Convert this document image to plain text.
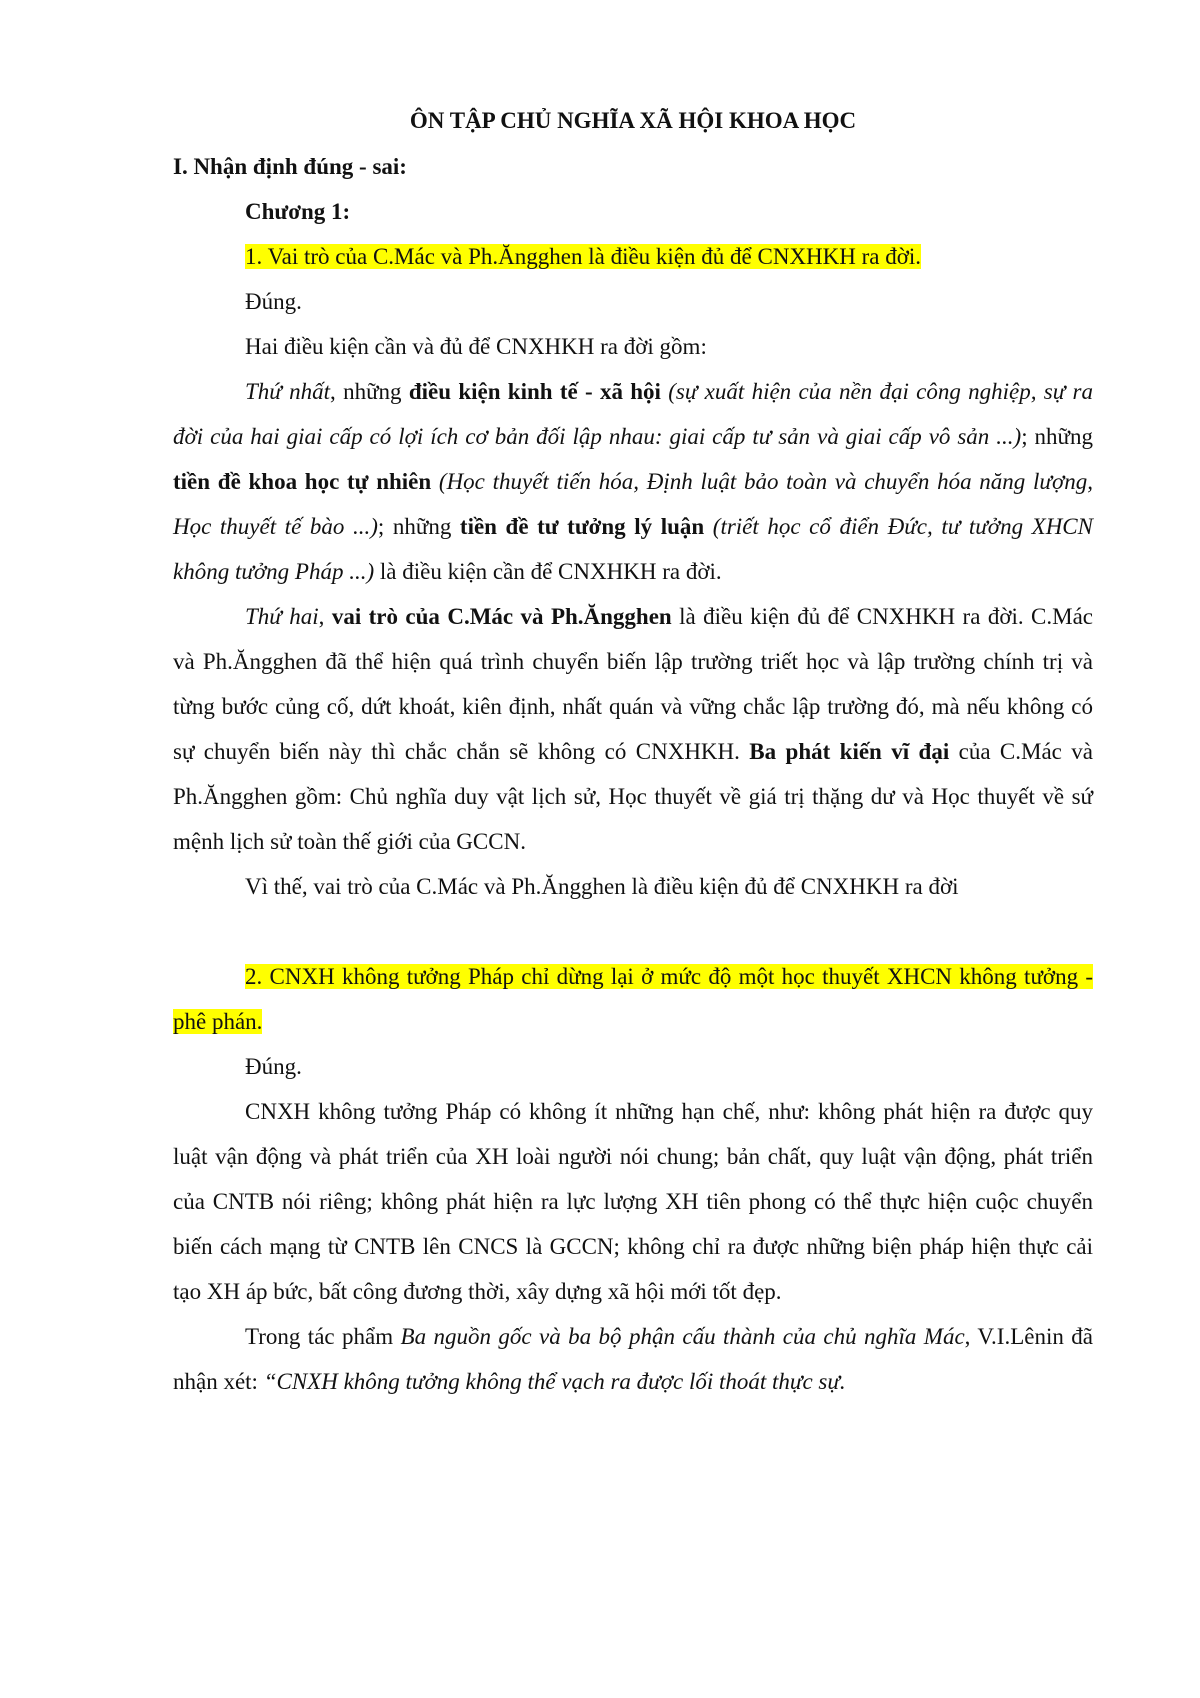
ÔN TẬP CHỦ NGHĨA XÃ HỘI KHOA HỌC

I. Nhận định đúng - sai:

Chương 1:

1. Vai trò của C.Mác và Ph.Ăngghen là điều kiện đủ để CNXHKH ra đời.

Đúng.

Hai điều kiện cần và đủ để CNXHKH ra đời gồm:

Thứ nhất, những điều kiện kinh tế - xã hội (sự xuất hiện của nền đại công nghiệp, sự ra đời của hai giai cấp có lợi ích cơ bản đối lập nhau: giai cấp tư sản và giai cấp vô sản ...); những tiền đề khoa học tự nhiên (Học thuyết tiến hóa, Định luật bảo toàn và chuyển hóa năng lượng, Học thuyết tế bào ...); những tiền đề tư tưởng lý luận (triết học cổ điển Đức, tư tưởng XHCN không tưởng Pháp ...) là điều kiện cần để CNXHKH ra đời.

Thứ hai, vai trò của C.Mác và Ph.Ăngghen là điều kiện đủ để CNXHKH ra đời. C.Mác và Ph.Ăngghen đã thể hiện quá trình chuyển biến lập trường triết học và lập trường chính trị và từng bước củng cố, dứt khoát, kiên định, nhất quán và vững chắc lập trường đó, mà nếu không có sự chuyển biến này thì chắc chắn sẽ không có CNXHKH. Ba phát kiến vĩ đại của C.Mác và Ph.Ăngghen gồm: Chủ nghĩa duy vật lịch sử, Học thuyết về giá trị thặng dư và Học thuyết về sứ mệnh lịch sử toàn thế giới của GCCN.

Vì thế, vai trò của C.Mác và Ph.Ăngghen là điều kiện đủ để CNXHKH ra đời

2. CNXH không tưởng Pháp chỉ dừng lại ở mức độ một học thuyết XHCN không tưởng - phê phán.

Đúng.

CNXH không tưởng Pháp có không ít những hạn chế, như: không phát hiện ra được quy luật vận động và phát triển của XH loài người nói chung; bản chất, quy luật vận động, phát triển của CNTB nói riêng; không phát hiện ra lực lượng XH tiên phong có thể thực hiện cuộc chuyển biến cách mạng từ CNTB lên CNCS là GCCN; không chỉ ra được những biện pháp hiện thực cải tạo XH áp bức, bất công đương thời, xây dựng xã hội mới tốt đẹp.

Trong tác phẩm Ba nguồn gốc và ba bộ phận cấu thành của chủ nghĩa Mác, V.I.Lênin đã nhận xét: “CNXH không tưởng không thể vạch ra được lối thoát thực sự.
